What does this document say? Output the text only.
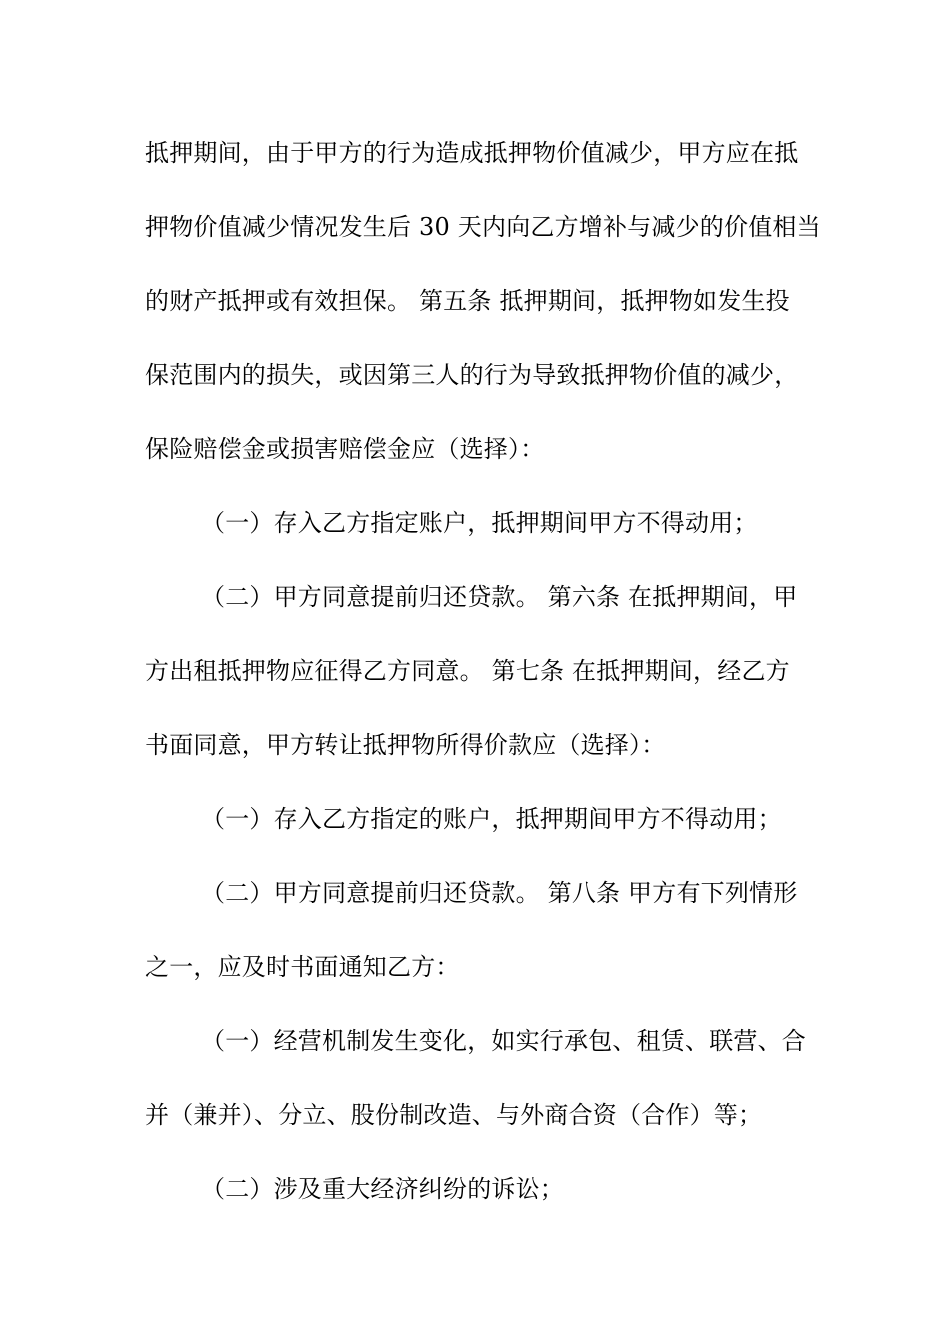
抵押期间，由于甲方的行为造成抵押物价值减少，甲方应在抵
押物价值减少情况发生后 30 天内向乙方增补与减少的价值相当
的财产抵押或有效担保。 第五条 抵押期间，抵押物如发生投
保范围内的损失，或因第三人的行为导致抵押物价值的减少，
保险赔偿金或损害赔偿金应（选择）：
（一）存入乙方指定账户，抵押期间甲方不得动用；
（二）甲方同意提前归还贷款。 第六条 在抵押期间，甲
方出租抵押物应征得乙方同意。 第七条 在抵押期间，经乙方
书面同意，甲方转让抵押物所得价款应（选择）：
（一）存入乙方指定的账户，抵押期间甲方不得动用；
（二）甲方同意提前归还贷款。 第八条 甲方有下列情形
之一，应及时书面通知乙方：
（一）经营机制发生变化，如实行承包、租赁、联营、合
并（兼并）、分立、股份制改造、与外商合资（合作）等；
（二）涉及重大经济纠纷的诉讼；
